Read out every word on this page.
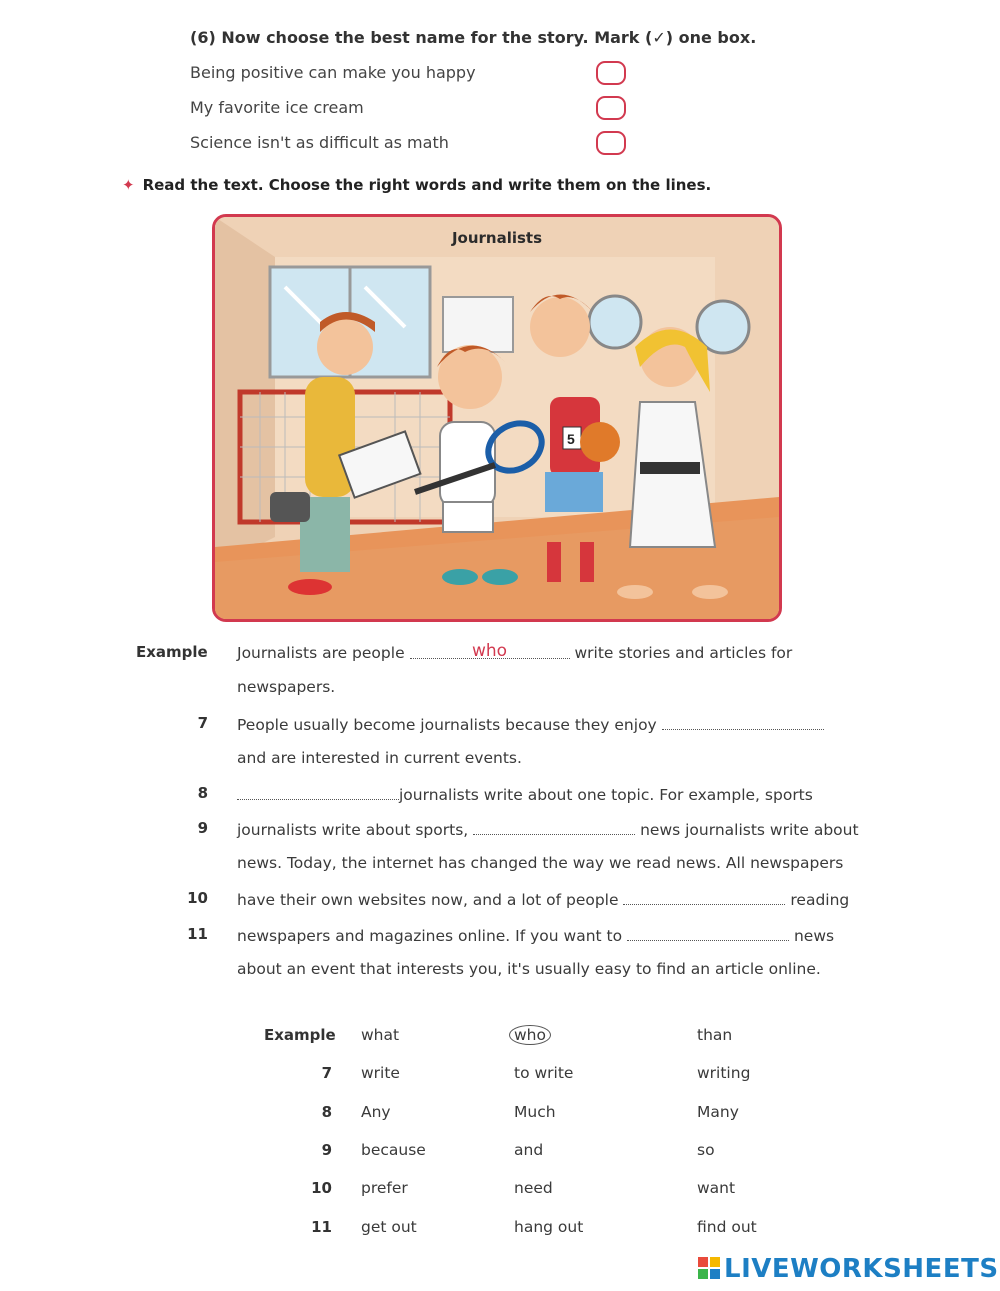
(6) Now choose the best name for the story. Mark (✓) one box.
Being positive can make you happy
My favorite ice cream
Science isn't as difficult as math
✦ Read the text. Choose the right words and write them on the lines.
Journalists
5
Example Journalists are people	who	write stories and articles for
newspapers.
7 People usually become journalists because they enjoy
and are interested in current events.
8	journalists write about one topic. For example, sports
9 journalists write about sports,	news journalists write about
news. Today, the internet has changed the way we read news. All newspapers
10 have their own websites now, and a lot of people	reading
11 newspapers and magazines online. If you want to	news
about an event that interests you, it's usually easy to find an article online.
Example what	who	than
7 write	to write	writing
8 Any	Much	Many
9 because	and	so
10 prefer	need	want
11 get out	hang out	find out
LIVEWORKSHEETS
